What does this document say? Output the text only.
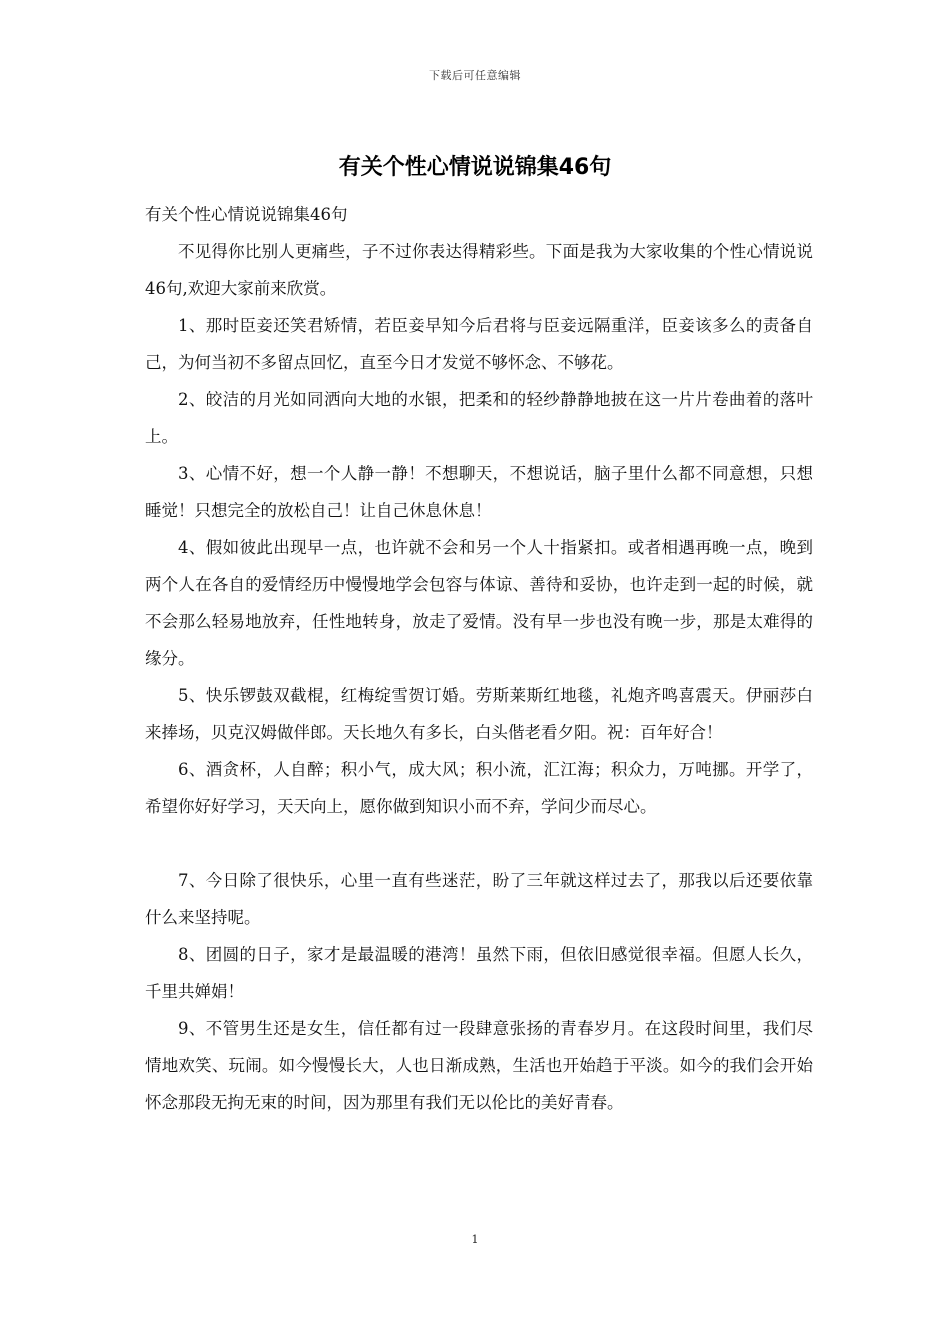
下载后可任意编辑
有关个性心情说说锦集46句

有关个性心情说说锦集46句

不见得你比别人更痛些，子不过你表达得精彩些。下面是我为大家收集的个性心情说说46句,欢迎大家前来欣赏。

1、那时臣妾还笑君矫情，若臣妾早知今后君将与臣妾远隔重洋，臣妾该多么的责备自己，为何当初不多留点回忆，直至今日才发觉不够怀念、不够花。

2、皎洁的月光如同洒向大地的水银，把柔和的轻纱静静地披在这一片片卷曲着的落叶上。

3、心情不好，想一个人静一静！不想聊天，不想说话，脑子里什么都不同意想，只想睡觉！只想完全的放松自己！让自己休息休息！

4、假如彼此出现早一点，也许就不会和另一个人十指紧扣。或者相遇再晚一点，晚到两个人在各自的爱情经历中慢慢地学会包容与体谅、善待和妥协，也许走到一起的时候，就不会那么轻易地放弃，任性地转身，放走了爱情。没有早一步也没有晚一步，那是太难得的缘分。

5、快乐锣鼓双截棍，红梅绽雪贺订婚。劳斯莱斯红地毯，礼炮齐鸣喜震天。伊丽莎白来捧场，贝克汉姆做伴郎。天长地久有多长，白头偕老看夕阳。祝：百年好合！

6、酒贪杯，人自醉；积小气，成大风；积小流，汇江海；积众力，万吨挪。开学了，希望你好好学习，天天向上，愿你做到知识小而不弃，学问少而尽心。

7、今日除了很快乐，心里一直有些迷茫，盼了三年就这样过去了，那我以后还要依靠什么来坚持呢。

8、团圆的日子，家才是最温暖的港湾！虽然下雨，但依旧感觉很幸福。但愿人长久，千里共婵娟！

9、不管男生还是女生，信任都有过一段肆意张扬的青春岁月。在这段时间里，我们尽情地欢笑、玩闹。如今慢慢长大，人也日渐成熟，生活也开始趋于平淡。如今的我们会开始怀念那段无拘无束的时间，因为那里有我们无以伦比的美好青春。

1
